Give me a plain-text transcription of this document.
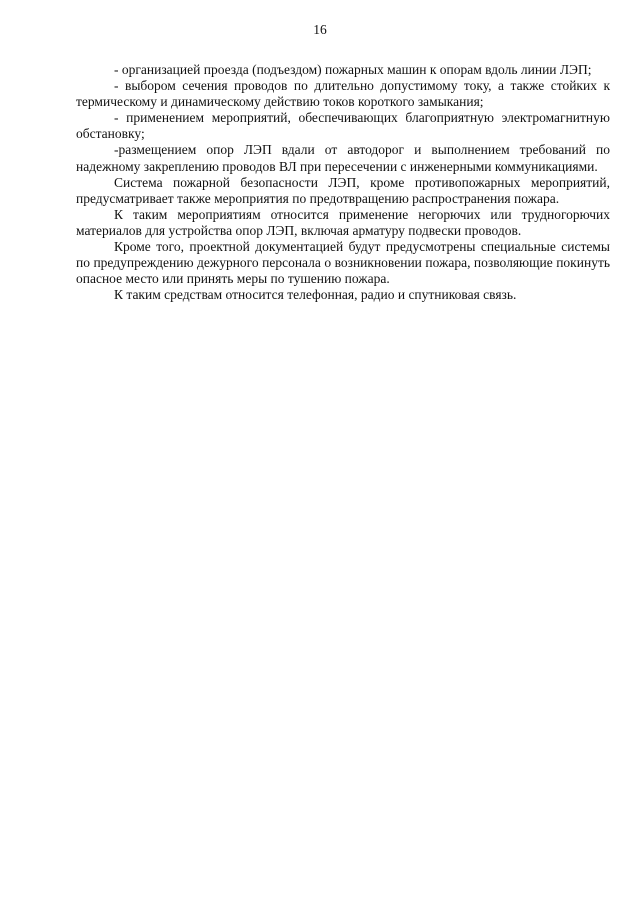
16

- организацией проезда (подъездом) пожарных машин к опорам вдоль линии ЛЭП;

- выбором сечения проводов по длительно допустимому току, а также стойких к термическому и динамическому действию токов короткого замыкания;

- применением мероприятий, обеспечивающих благоприятную электромагнитную обстановку;

-размещением опор ЛЭП вдали от автодорог и выполнением требований по надежному закреплению проводов ВЛ при пересечении с инженерными коммуникациями.

Система пожарной безопасности ЛЭП, кроме противопожарных мероприятий, предусматривает также мероприятия по предотвращению распространения пожара.

К таким мероприятиям относится применение негорючих или трудногорючих материалов для устройства опор ЛЭП, включая арматуру подвески проводов.

Кроме того, проектной документацией будут предусмотрены специальные системы по предупреждению дежурного персонала о возникновении пожара, позволяющие покинуть опасное место или принять меры по тушению пожара.

К таким средствам относится телефонная, радио и спутниковая связь.
